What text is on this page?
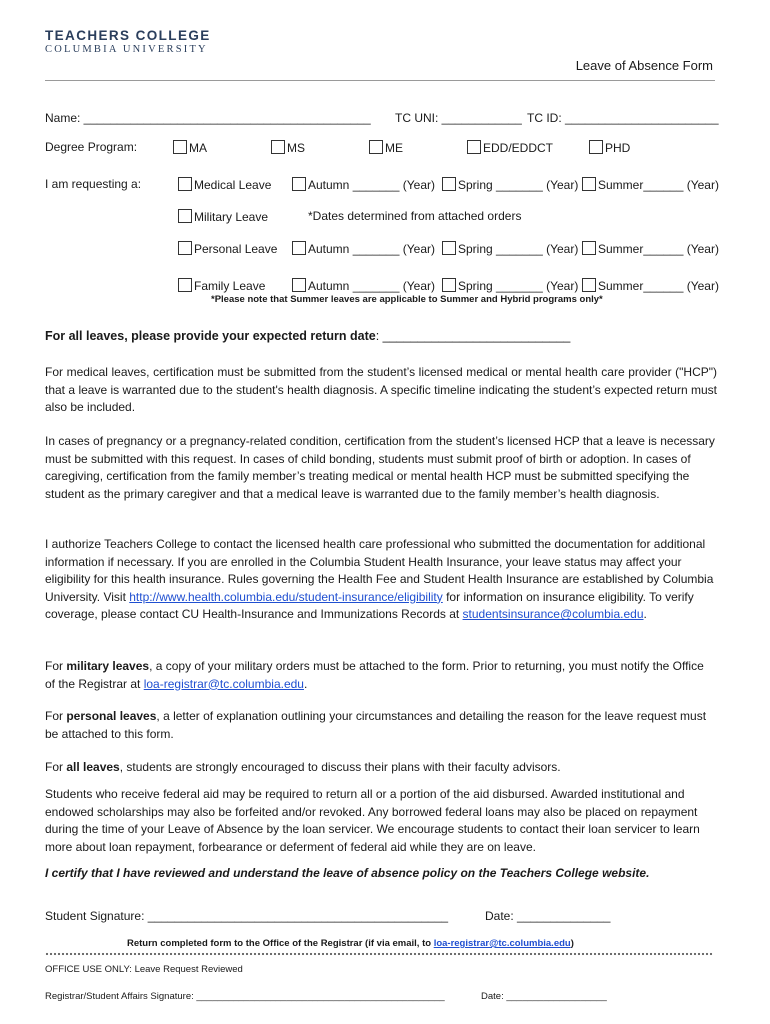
TEACHERS COLLEGE
COLUMBIA UNIVERSITY
Leave of Absence Form
Name: ___________________________________________ TC UNI: ____________ TC ID: _______________________
Degree Program:	MA	MS	ME	EDD/EDDCT	PHD
I am requesting a:	Medical Leave	Autumn _______ (Year)	Spring _______ (Year)	Summer______ (Year)
Military Leave	*Dates determined from attached orders
Personal Leave	Autumn _______ (Year)	Spring _______ (Year)	Summer______ (Year)
Family Leave	Autumn _______ (Year)	Spring _______ (Year)	Summer______ (Year)
*Please note that Summer leaves are applicable to Summer and Hybrid programs only*
For all leaves, please provide your expected return date: ___________________________
For medical leaves, certification must be submitted from the student’s licensed medical or mental health care provider ("HCP") that a leave is warranted due to the student's health diagnosis. A specific timeline indicating the student’s expected return must also be included.
In cases of pregnancy or a pregnancy-related condition, certification from the student’s licensed HCP that a leave is necessary must be submitted with this request. In cases of child bonding, students must submit proof of birth or adoption. In cases of caregiving, certification from the family member’s treating medical or mental health HCP must be submitted specifying the student as the primary caregiver and that a medical leave is warranted due to the family member’s health diagnosis.
I authorize Teachers College to contact the licensed health care professional who submitted the documentation for additional information if necessary. If you are enrolled in the Columbia Student Health Insurance, your leave status may affect your eligibility for this health insurance. Rules governing the Health Fee and Student Health Insurance are established by Columbia University. Visit http://www.health.columbia.edu/student-insurance/eligibility for information on insurance eligibility. To verify coverage, please contact CU Health-Insurance and Immunizations Records at studentsinsurance@columbia.edu.
For military leaves, a copy of your military orders must be attached to the form. Prior to returning, you must notify the Office of the Registrar at loa-registrar@tc.columbia.edu.
For personal leaves, a letter of explanation outlining your circumstances and detailing the reason for the leave request must be attached to this form.
For all leaves, students are strongly encouraged to discuss their plans with their faculty advisors.
Students who receive federal aid may be required to return all or a portion of the aid disbursed. Awarded institutional and endowed scholarships may also be forfeited and/or revoked. Any borrowed federal loans may also be placed on repayment during the time of your Leave of Absence by the loan servicer. We encourage students to contact their loan servicer to learn more about loan repayment, forbearance or deferment of federal aid while they are on leave.
I certify that I have reviewed and understand the leave of absence policy on the Teachers College website.
Student Signature: _____________________________________________	Date: ______________
Return completed form to the Office of the Registrar (if via email, to loa-registrar@tc.columbia.edu)
OFFICE USE ONLY: Leave Request Reviewed
Registrar/Student Affairs Signature: _______________________________________________	Date: ___________________
